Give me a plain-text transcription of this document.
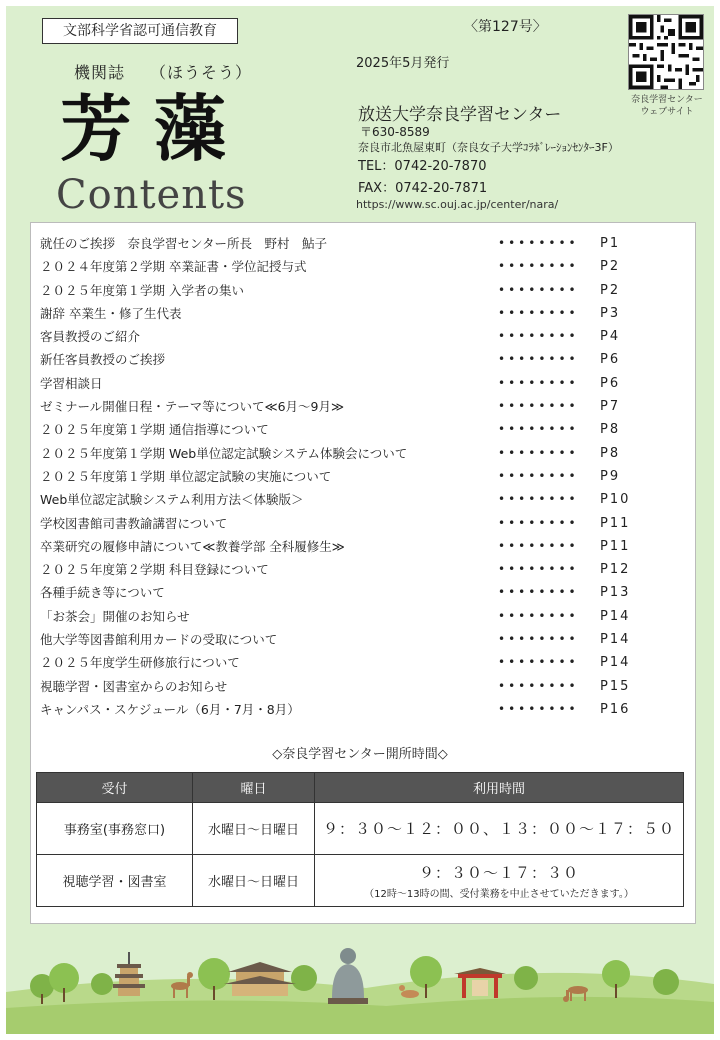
文部科学省認可通信教育	〈第127号〉
2025年5月発行
機関誌 （ほうそう）
芳藻
Contents
放送大学奈良学習センター
〒630-8589
奈良市北魚屋東町（奈良女子大学ｺﾗﾎﾞﾚｰｼｮﾝｾﾝﾀｰ3F）
TEL：0742-20-7870
FAX：0742-20-7871
https://www.sc.ouj.ac.jp/center/nara/
奈良学習センター
ウェブサイト
就任のご挨拶　奈良学習センター所長　野村　鮎子	•••••••• P1
２０２４年度第２学期 卒業証書・学位記授与式	•••••••• P2
２０２５年度第１学期 入学者の集い	•••••••• P2
謝辞 卒業生・修了生代表	•••••••• P3
客員教授のご紹介	•••••••• P4
新任客員教授のご挨拶	•••••••• P6
学習相談日	•••••••• P6
ゼミナール開催日程・テーマ等について≪6月～9月≫	•••••••• P7
２０２５年度第１学期 通信指導について	•••••••• P8
２０２５年度第１学期 Web単位認定試験システム体験会について	•••••••• P8
２０２５年度第１学期 単位認定試験の実施について	•••••••• P9
Web単位認定試験システム利用方法＜体験版＞	•••••••• P10
学校図書館司書教諭講習について	•••••••• P11
卒業研究の履修申請について≪教養学部 全科履修生≫	•••••••• P11
２０２５年度第２学期 科目登録について	•••••••• P12
各種手続き等について	•••••••• P13
「お茶会」開催のお知らせ	•••••••• P14
他大学等図書館利用カードの受取について	•••••••• P14
２０２５年度学生研修旅行について	•••••••• P14
視聴学習・図書室からのお知らせ	•••••••• P15
キャンパス・スケジュール（6月・7月・8月）	•••••••• P16
◇奈良学習センター開所時間◇
受付	曜日	利用時間
事務室(事務窓口)	水曜日～日曜日	９：３０～１２：００、１３：００～１７：５０
視聴学習・図書室	水曜日～日曜日	９：３０～１７：３０
（12時～13時の間、受付業務を中止させていただきます。）
